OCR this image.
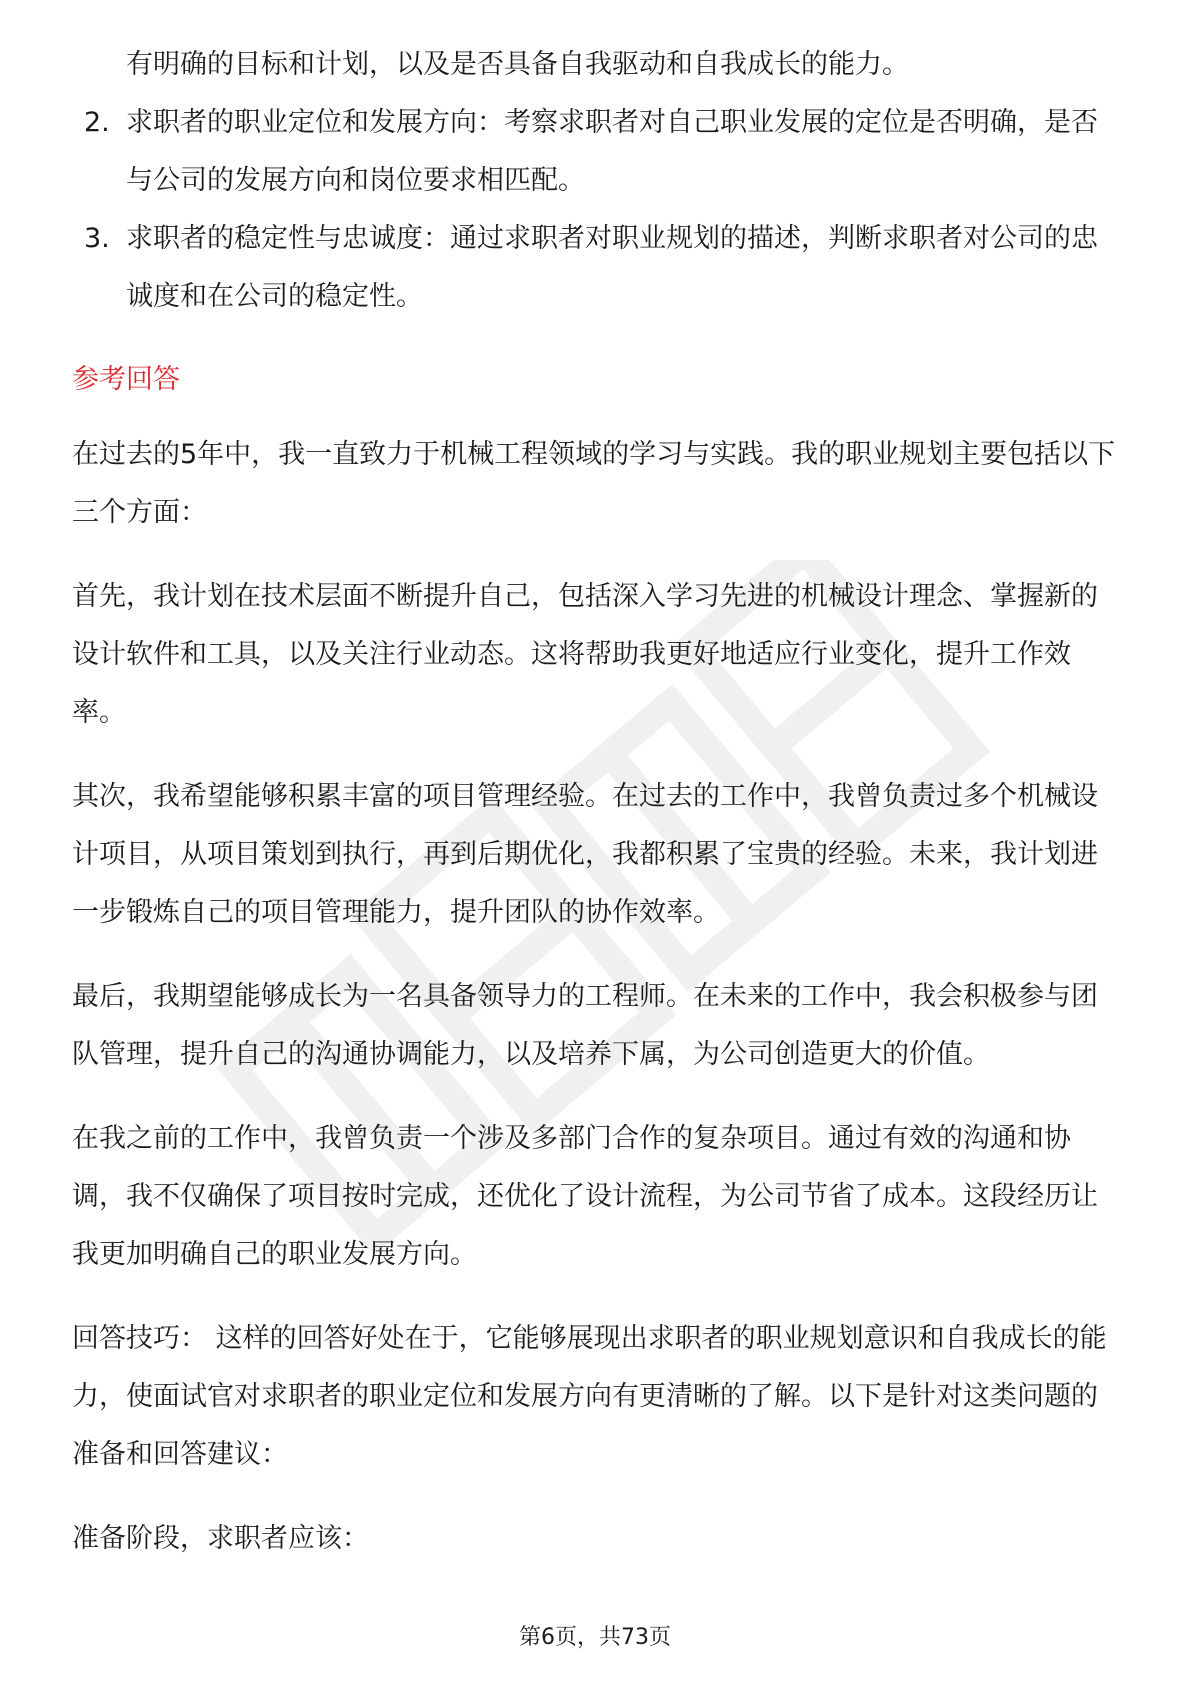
有明确的目标和计划，以及是否具备自我驱动和自我成长的能力。
2. 求职者的职业定位和发展方向：考察求职者对自己职业发展的定位是否明确，是否与公司的发展方向和岗位要求相匹配。
3. 求职者的稳定性与忠诚度：通过求职者对职业规划的描述，判断求职者对公司的忠诚度和在公司的稳定性。
参考回答

在过去的5年中，我一直致力于机械工程领域的学习与实践。我的职业规划主要包括以下三个方面：

首先，我计划在技术层面不断提升自己，包括深入学习先进的机械设计理念、掌握新的设计软件和工具，以及关注行业动态。这将帮助我更好地适应行业变化，提升工作效率。

其次，我希望能够积累丰富的项目管理经验。在过去的工作中，我曾负责过多个机械设计项目，从项目策划到执行，再到后期优化，我都积累了宝贵的经验。未来，我计划进一步锻炼自己的项目管理能力，提升团队的协作效率。

最后，我期望能够成长为一名具备领导力的工程师。在未来的工作中，我会积极参与团队管理，提升自己的沟通协调能力，以及培养下属，为公司创造更大的价值。

在我之前的工作中，我曾负责一个涉及多部门合作的复杂项目。通过有效的沟通和协调，我不仅确保了项目按时完成，还优化了设计流程，为公司节省了成本。这段经历让我更加明确自己的职业发展方向。

回答技巧： 这样的回答好处在于，它能够展现出求职者的职业规划意识和自我成长的能力，使面试官对求职者的职业定位和发展方向有更清晰的了解。以下是针对这类问题的准备和回答建议：

准备阶段，求职者应该：

第6页，共73页
